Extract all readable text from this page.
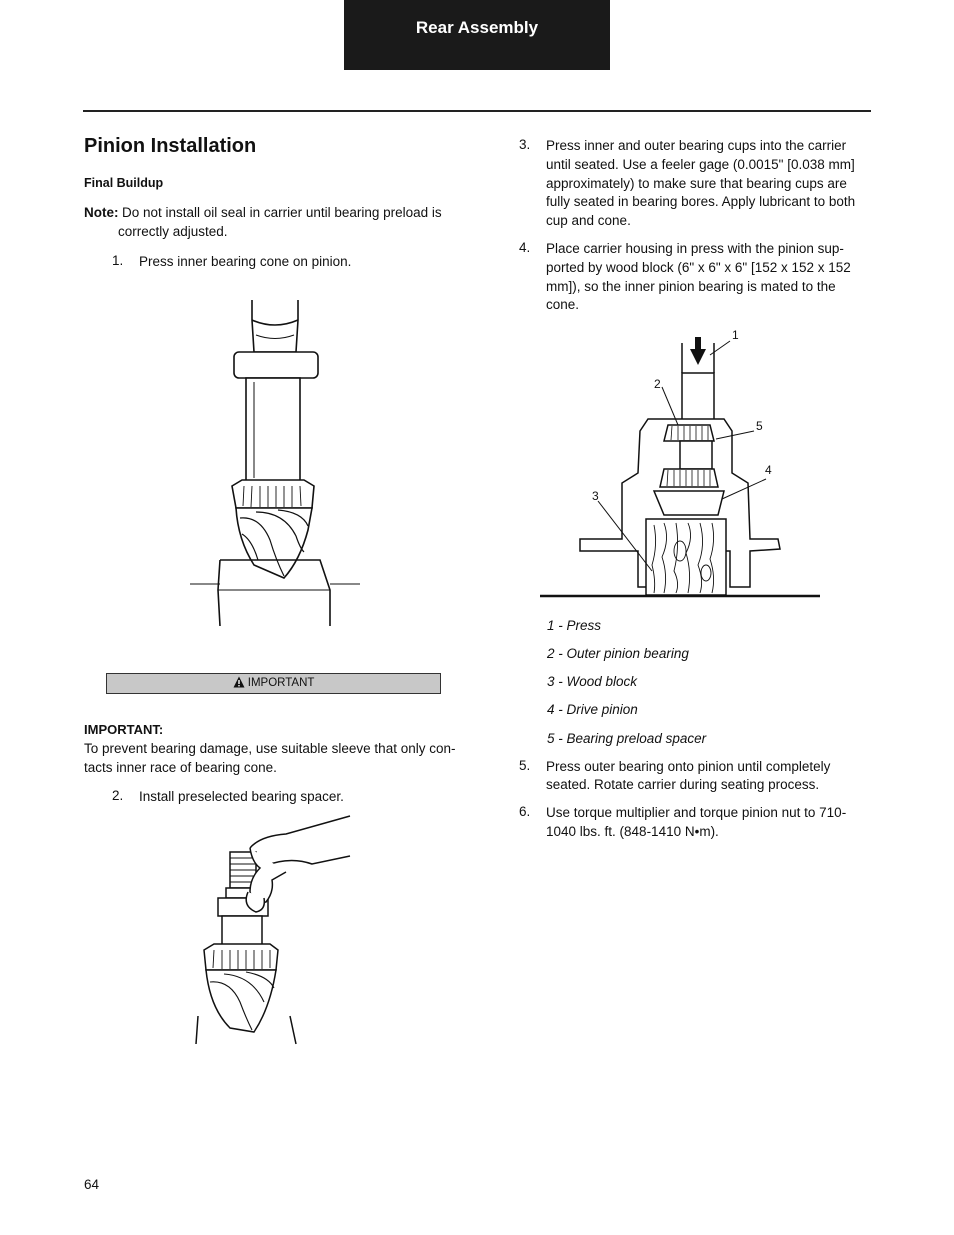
Rear Assembly
Pinion Installation
Final Buildup
Note: Do not install oil seal in carrier until bearing preload is
correctly adjusted.
1. Press inner bearing cone on pinion.
IMPORTANT
IMPORTANT:
To prevent bearing damage, use suitable sleeve that only con-
tacts inner race of bearing cone.
2. Install preselected bearing spacer.
3. Press inner and outer bearing cups into the carrier
until seated. Use a feeler gage (0.0015" [0.038 mm]
approximately) to make sure that bearing cups are
fully seated in bearing bores. Apply lubricant to both
cup and cone.
4. Place carrier housing in press with the pinion sup-
ported by wood block (6" x 6" x 6" [152 x 152 x 152
mm]), so the inner pinion bearing is mated to the
cone.
1
2
3
4
5
1 - Press
2 - Outer pinion bearing
3 - Wood block
4 - Drive pinion
5 - Bearing preload spacer
5. Press outer bearing onto pinion until completely
seated. Rotate carrier during seating process.
6. Use torque multiplier and torque pinion nut to 710-
1040 lbs. ft. (848-1410 N•m).
64
